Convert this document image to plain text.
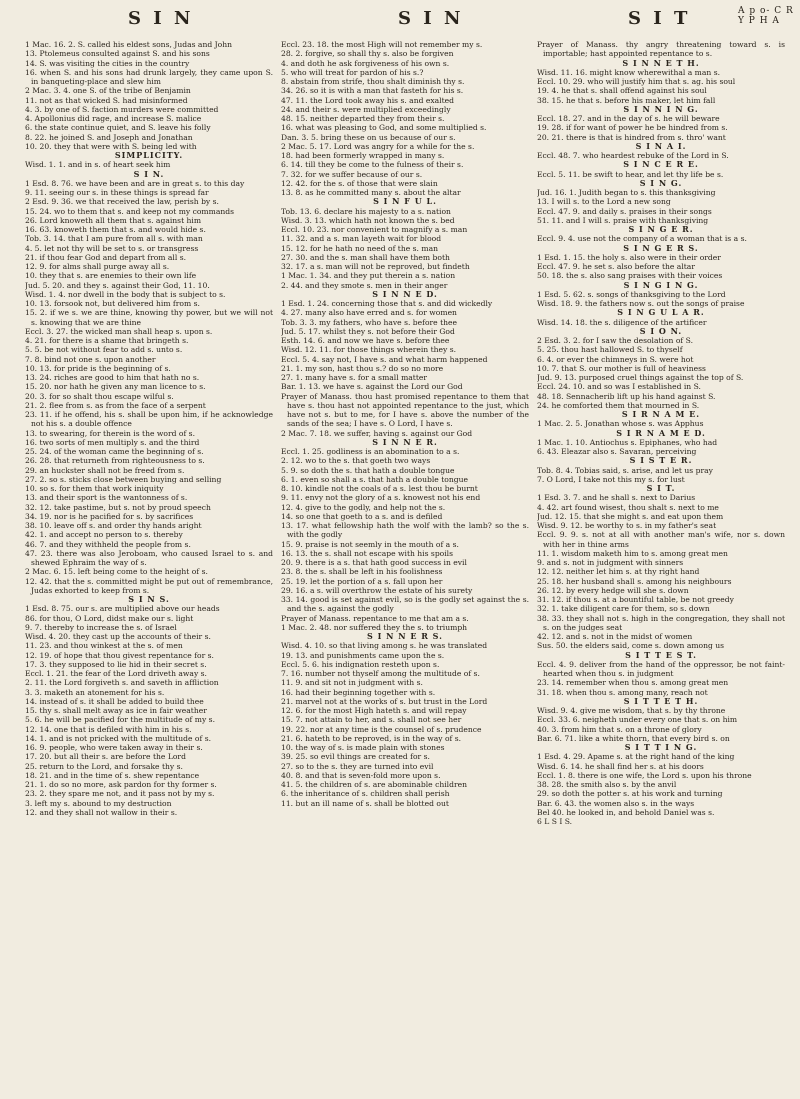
S I N	S I N	S I T	A p o- C R Y P H A

1 Mac. 16. 2. S. called his eldest sons, Judas and John

13. Ptolemeus consulted against S. and his sons

14. S. was visiting the cities in the country

16. when S. and his sons had drunk largely, they came upon S. in banqueting-place and slew him

2 Mac. 3. 4. one S. of the tribe of Benjamin

11. not as that wicked S. had misinformed

4. 3. by one of S. faction murders were committed

4. Apollonius did rage, and increase S. malice

6. the state continue quiet, and S. leave his folly

8. 22. he joined S. and Joseph and Jonathan

10. 20. they that were with S. being led with

SIMPLICITY.

Wisd. 1. 1. and in s. of heart seek him

S I N.

1 Esd. 8. 76. we have been and are in great s. to this day

9. 11. seeing our s. in these things is spread far

2 Esd. 9. 36. we that received the law, perish by s.

15. 24. wo to them that s. and keep not my commands

26. Lord knoweth all them that s. against him

16. 63. knoweth them that s. and would hide s.

Tob. 3. 14. that I am pure from all s. with man

4. 5. let not thy will be set to s. or transgress

21. if thou fear God and depart from all s.

12. 9. for alms shall purge away all s.

10. they that s. are enemies to their own life

Jud. 5. 20. and they s. against their God, 11. 10.

Wisd. 1. 4. nor dwell in the body that is subject to s.

10. 13. forsook not, but delivered him from s.

15. 2. if we s. we are thine, knowing thy power, but we will not s. knowing that we are thine

Eccl. 3. 27. the wicked man shall heap s. upon s.

4. 21. for there is a shame that bringeth s.

5. 5. be not without fear to add s. unto s.

7. 8. bind not one s. upon another

10. 13. for pride is the beginning of s.

13. 24. riches are good to him that hath no s.

15. 20. nor hath he given any man licence to s.

20. 3. for so shalt thou escape wilful s.

21. 2. flee from s. as from the face of a serpent

23. 11. if he offend, his s. shall be upon him, if he acknowledge not his s. a double offence

13. to swearing, for therein is the word of s.

16. two sorts of men multiply s. and the third

25. 24. of the woman came the beginning of s.

26. 28. that returneth from righteousness to s.

29. an huckster shall not be freed from s.

27. 2. so s. sticks close between buying and selling

10. so s. for them that work iniquity

13. and their sport is the wantonness of s.

32. 12. take pastime, but s. not by proud speech

34. 19. nor is he pacified for s. by sacrifices

38. 10. leave off s. and order thy hands aright

42. 1. and accept no person to s. thereby

46. 7. and they withheld the people from s.

47. 23. there was also Jeroboam, who caused Israel to s. and shewed Ephraim the way of s.

2 Mac. 6. 15. left being come to the height of s.

12. 42. that the s. committed might be put out of remembrance, Judas exhorted to keep from s.

S I N S.

1 Esd. 8. 75. our s. are multiplied above our heads

86. for thou, O Lord, didst make our s. light

9. 7. thereby to increase the s. of Israel

Wisd. 4. 20. they cast up the accounts of their s.

11. 23. and thou winkest at the s. of men

12. 19. of hope that thou givest repentance for s.

17. 3. they supposed to lie hid in their secret s.

Eccl. 1. 21. the fear of the Lord driveth away s.

2. 11. the Lord forgiveth s. and saveth in affliction

3. 3. maketh an atonement for his s.

14. instead of s. it shall be added to build thee

15. thy s. shall melt away as ice in fair weather

5. 6. he will be pacified for the multitude of my s.

12. 14. one that is defiled with him in his s.

14. 1. and is not pricked with the multitude of s.

16. 9. people, who were taken away in their s.

17. 20. but all their s. are before the Lord

25. return to the Lord, and forsake thy s.

18. 21. and in the time of s. shew repentance

21. 1. do so no more, ask pardon for thy former s.

23. 2. they spare me not, and it pass not by my s.

3. left my s. abound to my destruction

12. and they shall not wallow in their s.

Eccl. 23. 18. the most High will not remember my s.

28. 2. forgive, so shall thy s. also be forgiven

4. and doth he ask forgiveness of his own s.

5. who will treat for pardon of his s.?

8. abstain from strife, thou shalt diminish thy s.

34. 26. so it is with a man that fasteth for his s.

47. 11. the Lord took away his s. and exalted

24. and their s. were multiplied exceedingly

48. 15. neither departed they from their s.

16. what was pleasing to God, and some multiplied s.

Dan. 3. 5. bring these on us because of our s.

2 Mac. 5. 17. Lord was angry for a while for the s.

18. had been formerly wrapped in many s.

6. 14. till they be come to the fulness of their s.

7. 32. for we suffer because of our s.

12. 42. for the s. of those that were slain

13. 8. as he committed many s. about the altar

S I N F U L.

Tob. 13. 6. declare his majesty to a s. nation

Wisd. 3. 13. which hath not known the s. bed

Eccl. 10. 23. nor convenient to magnify a s. man

11. 32. and a s. man layeth wait for blood

15. 12. for he hath no need of the s. man

27. 30. and the s. man shall have them both

32. 17. a s. man will not be reproved, but findeth

1 Mac. 1. 34. and they put therein a s. nation

2. 44. and they smote s. men in their anger

S I N N E D.

1 Esd. 1. 24. concerning those that s. and did wickedly

4. 27. many also have erred and s. for women

Tob. 3. 3. my fathers, who have s. before thee

Jud. 5. 17. whilst they s. not before their God

Esth. 14. 6. and now we have s. before thee

Wisd. 12. 11. for those things wherein they s.

Eccl. 5. 4. say not, I have s. and what harm happened

21. 1. my son, hast thou s.? do so no more

27. 1. many have s. for a small matter

Bar. 1. 13. we have s. against the Lord our God

Prayer of Manass. thou hast promised repentance to them that have s. thou hast not appointed repentance to the just, which have not s. but to me, for I have s. above the number of the sands of the sea; I have s. O Lord, I have s.

2 Mac. 7. 18. we suffer, having s. against our God

S I N N E R.

Eccl. 1. 25. godliness is an abomination to a s.

2. 12. wo to the s. that goeth two ways

5. 9. so doth the s. that hath a double tongue

6. 1. even so shall a s. that hath a double tongue

8. 10. kindle not the coals of a s. lest thou be burnt

9. 11. envy not the glory of a s. knowest not his end

12. 4. give to the godly, and help not the s.

14. so one that goeth to a s. and is defiled

13. 17. what fellowship hath the wolf with the lamb? so the s. with the godly

15. 9. praise is not seemly in the mouth of a s.

16. 13. the s. shall not escape with his spoils

20. 9. there is a s. that hath good success in evil

23. 8. the s. shall be left in his foolishness

25. 19. let the portion of a s. fall upon her

29. 16. a s. will overthrow the estate of his surety

33. 14. good is set against evil, so is the godly set against the s. and the s. against the godly

Prayer of Manass. repentance to me that am a s.

1 Mac. 2. 48. nor suffered they the s. to triumph

S I N N E R S.

Wisd. 4. 10. so that living among s. he was translated

19. 13. and punishments came upon the s.

Eccl. 5. 6. his indignation resteth upon s.

7. 16. number not thyself among the multitude of s.

11. 9. and sit not in judgment with s.

16. had their beginning together with s.

21. marvel not at the works of s. but trust in the Lord

12. 6. for the most High hateth s. and will repay

15. 7. not attain to her, and s. shall not see her

19. 22. nor at any time is the counsel of s. prudence

21. 6. hateth to be reproved, is in the way of s.

10. the way of s. is made plain with stones

39. 25. so evil things are created for s.

27. so to the s. they are turned into evil

40. 8. and that is seven-fold more upon s.

41. 5. the children of s. are abominable children

6. the inheritance of s. children shall perish

11. but an ill name of s. shall be blotted out

Prayer of Manass. thy angry threatening toward s. is importable; hast appointed repentance to s.

S I N N E T H.

Wisd. 11. 16. might know wherewithal a man s.

Eccl. 10. 29. who will justify him that s. ag. his soul

19. 4. he that s. shall offend against his soul

38. 15. he that s. before his maker, let him fall

S I N N I N G.

Eccl. 18. 27. and in the day of s. he will beware

19. 28. if for want of power he be hindred from s.

20. 21. there is that is hindred from s. thro' want

S I N A I.

Eccl. 48. 7. who heardest rebuke of the Lord in S.

S I N C E R E.

Eccl. 5. 11. be swift to hear, and let thy life be s.

S I N G.

Jud. 16. 1. Judith began to s. this thanksgiving

13. I will s. to the Lord a new song

Eccl. 47. 9. and daily s. praises in their songs

51. 11. and I will s. praise with thanksgiving

S I N G E R.

Eccl. 9. 4. use not the company of a woman that is a s.

S I N G E R S.

1 Esd. 1. 15. the holy s. also were in their order

Eccl. 47. 9. he set s. also before the altar

50. 18. the s. also sang praises with their voices

S I N G I N G.

1 Esd. 5. 62. s. songs of thanksgiving to the Lord

Wisd. 18. 9. the fathers now s. out the songs of praise

S I N G U L A R.

Wisd. 14. 18. the s. diligence of the artificer

S I O N.

2 Esd. 3. 2. for I saw the desolation of S.

5. 25. thou hast hallowed S. to thyself

6. 4. or ever the chimneys in S. were hot

10. 7. that S. our mother is full of heaviness

Jud. 9. 13. purposed cruel things against the top of S.

Eccl. 24. 10. and so was I established in S.

48. 18. Sennacherib lift up his hand against S.

24. he comforted them that mourned in S.

S I R N A M E.

1 Mac. 2. 5. Jonathan whose s. was Apphus

S I R N A M E D.

1 Mac. 1. 10. Antiochus s. Epiphanes, who had

6. 43. Eleazar also s. Savaran, perceiving

S I S T E R.

Tob. 8. 4. Tobias said, s. arise, and let us pray

7. O Lord, I take not this my s. for lust

S I T.

1 Esd. 3. 7. and he shall s. next to Darius

4. 42. art found wisest, thou shalt s. next to me

Jud. 12. 15. that she might s. and eat upon them

Wisd. 9. 12. be worthy to s. in my father's seat

Eccl. 9. 9. s. not at all with another man's wife, nor s. down with her in thine arms

11. 1. wisdom maketh him to s. among great men

9. and s. not in judgment with sinners

12. 12. neither let him s. at thy right hand

25. 18. her husband shall s. among his neighbours

26. 12. by every hedge will she s. down

31. 12. if thou s. at a bountiful table, be not greedy

32. 1. take diligent care for them, so s. down

38. 33. they shall not s. high in the congregation, they shall not s. on the judges seat

42. 12. and s. not in the midst of women

Sus. 50. the elders said, come s. down among us

S I T T E S T.

Eccl. 4. 9. deliver from the hand of the oppressor, be not faint-hearted when thou s. in judgment

23. 14. remember when thou s. among great men

31. 18. when thou s. among many, reach not

S I T T E T H.

Wisd. 9. 4. give me wisdom, that s. by thy throne

Eccl. 33. 6. neigheth under every one that s. on him

40. 3. from him that s. on a throne of glory

Bar. 6. 71. like a white thorn, that every bird s. on

S I T T I N G.

1 Esd. 4. 29. Apame s. at the right hand of the king

Wisd. 6. 14. he shall find her s. at his doors

Eccl. 1. 8. there is one wife, the Lord s. upon his throne

38. 28. the smith also s. by the anvil

29. so doth the potter s. at his work and turning

Bar. 6. 43. the women also s. in the ways

Bel 40. he looked in, and behold Daniel was s.

6 L S I S.
